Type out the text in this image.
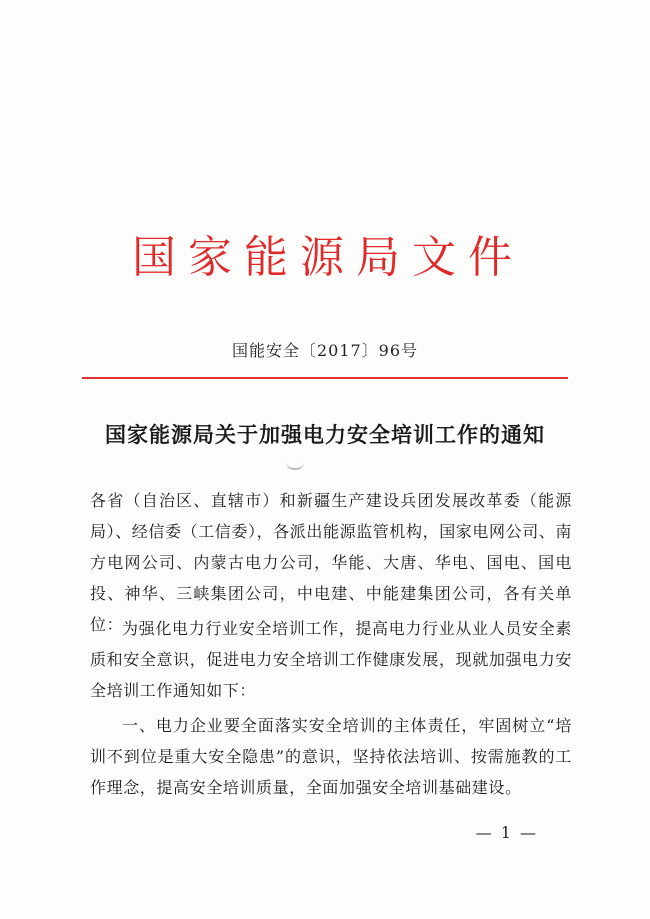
国家能源局文件
国能安全〔2017〕96号
国家能源局关于加强电力安全培训工作的通知
各省（自治区、直辖市）和新疆生产建设兵团发展改革委（能源局）、经信委（工信委），各派出能源监管机构，国家电网公司、南方电网公司、内蒙古电力公司，华能、大唐、华电、国电、国电投、神华、三峡集团公司，中电建、中能建集团公司，各有关单位：
为强化电力行业安全培训工作，提高电力行业从业人员安全素质和安全意识，促进电力安全培训工作健康发展，现就加强电力安全培训工作通知如下：
一、电力企业要全面落实安全培训的主体责任，牢固树立“培训不到位是重大安全隐患”的意识，坚持依法培训、按需施教的工作理念，提高安全培训质量，全面加强安全培训基础建设。
— 1 —
